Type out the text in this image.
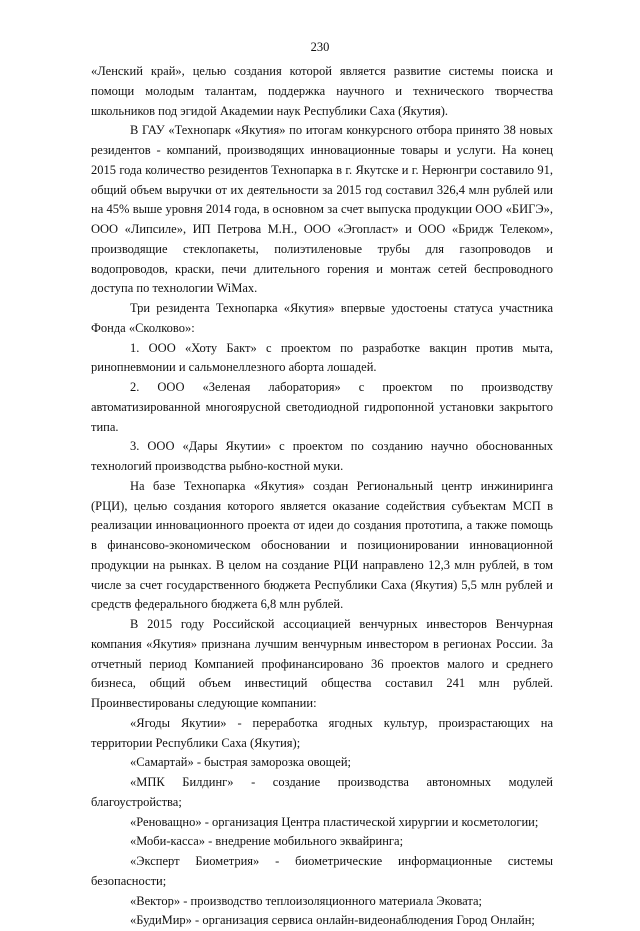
230

«Ленский край», целью создания которой является развитие системы поиска и помощи молодым талантам, поддержка научного и технического творчества школьников под эгидой Академии наук Республики Саха (Якутия).

В ГАУ «Технопарк «Якутия» по итогам конкурсного отбора принято 38 новых резидентов - компаний, производящих инновационные товары и услуги. На конец 2015 года количество резидентов Технопарка в г. Якутске и г. Нерюнгри составило 91, общий объем выручки от их деятельности за 2015 год составил 326,4 млн рублей или на 45% выше уровня 2014 года, в основном за счет выпуска продукции ООО «БИГЭ», ООО «Липсиле», ИП Петрова М.Н., ООО «Эгопласт» и ООО «Бридж Телеком», производящие стеклопакеты, полиэтиленовые трубы для газопроводов и водопроводов, краски, печи длительного горения и монтаж сетей беспроводного доступа по технологии WiMax.

Три резидента Технопарка «Якутия» впервые удостоены статуса участника Фонда «Сколково»:

1. ООО «Хоту Бакт» с проектом по разработке вакцин против мыта, ринопневмонии и сальмонеллезного аборта лошадей.

2. ООО «Зеленая лаборатория» с проектом по производству автоматизированной многоярусной светодиодной гидропонной установки закрытого типа.

3. ООО «Дары Якутии» с проектом по созданию научно обоснованных технологий производства рыбно-костной муки.

На базе Технопарка «Якутия» создан Региональный центр инжиниринга (РЦИ), целью создания которого является оказание содействия субъектам МСП в реализации инновационного проекта от идеи до создания прототипа, а также помощь в финансово-экономическом обосновании и позиционировании инновационной продукции на рынках. В целом на создание РЦИ направлено 12,3 млн рублей, в том числе за счет государственного бюджета Республики Саха (Якутия) 5,5 млн рублей и средств федерального бюджета 6,8 млн рублей.

В 2015 году Российской ассоциацией венчурных инвесторов Венчурная компания «Якутия» признана лучшим венчурным инвестором в регионах России. За отчетный период Компанией профинансировано 36 проектов малого и среднего бизнеса, общий объем инвестиций общества составил 241 млн рублей. Проинвестированы следующие компании:

«Ягоды Якутии» - переработка ягодных культур, произрастающих на территории Республики Саха (Якутия);

«Самартай» - быстрая заморозка овощей;

«МПК Билдинг» - создание производства автономных модулей благоустройства;

«Реноващно» - организация Центра пластической хирургии и косметологии;

«Моби-касса» - внедрение мобильного эквайринга;

«Эксперт Биометрия» - биометрические информационные системы безопасности;

«Вектор» - производство теплоизоляционного материала Эковата;

«БудиМир» - организация сервиса онлайн-видеонаблюдения Город Онлайн;
